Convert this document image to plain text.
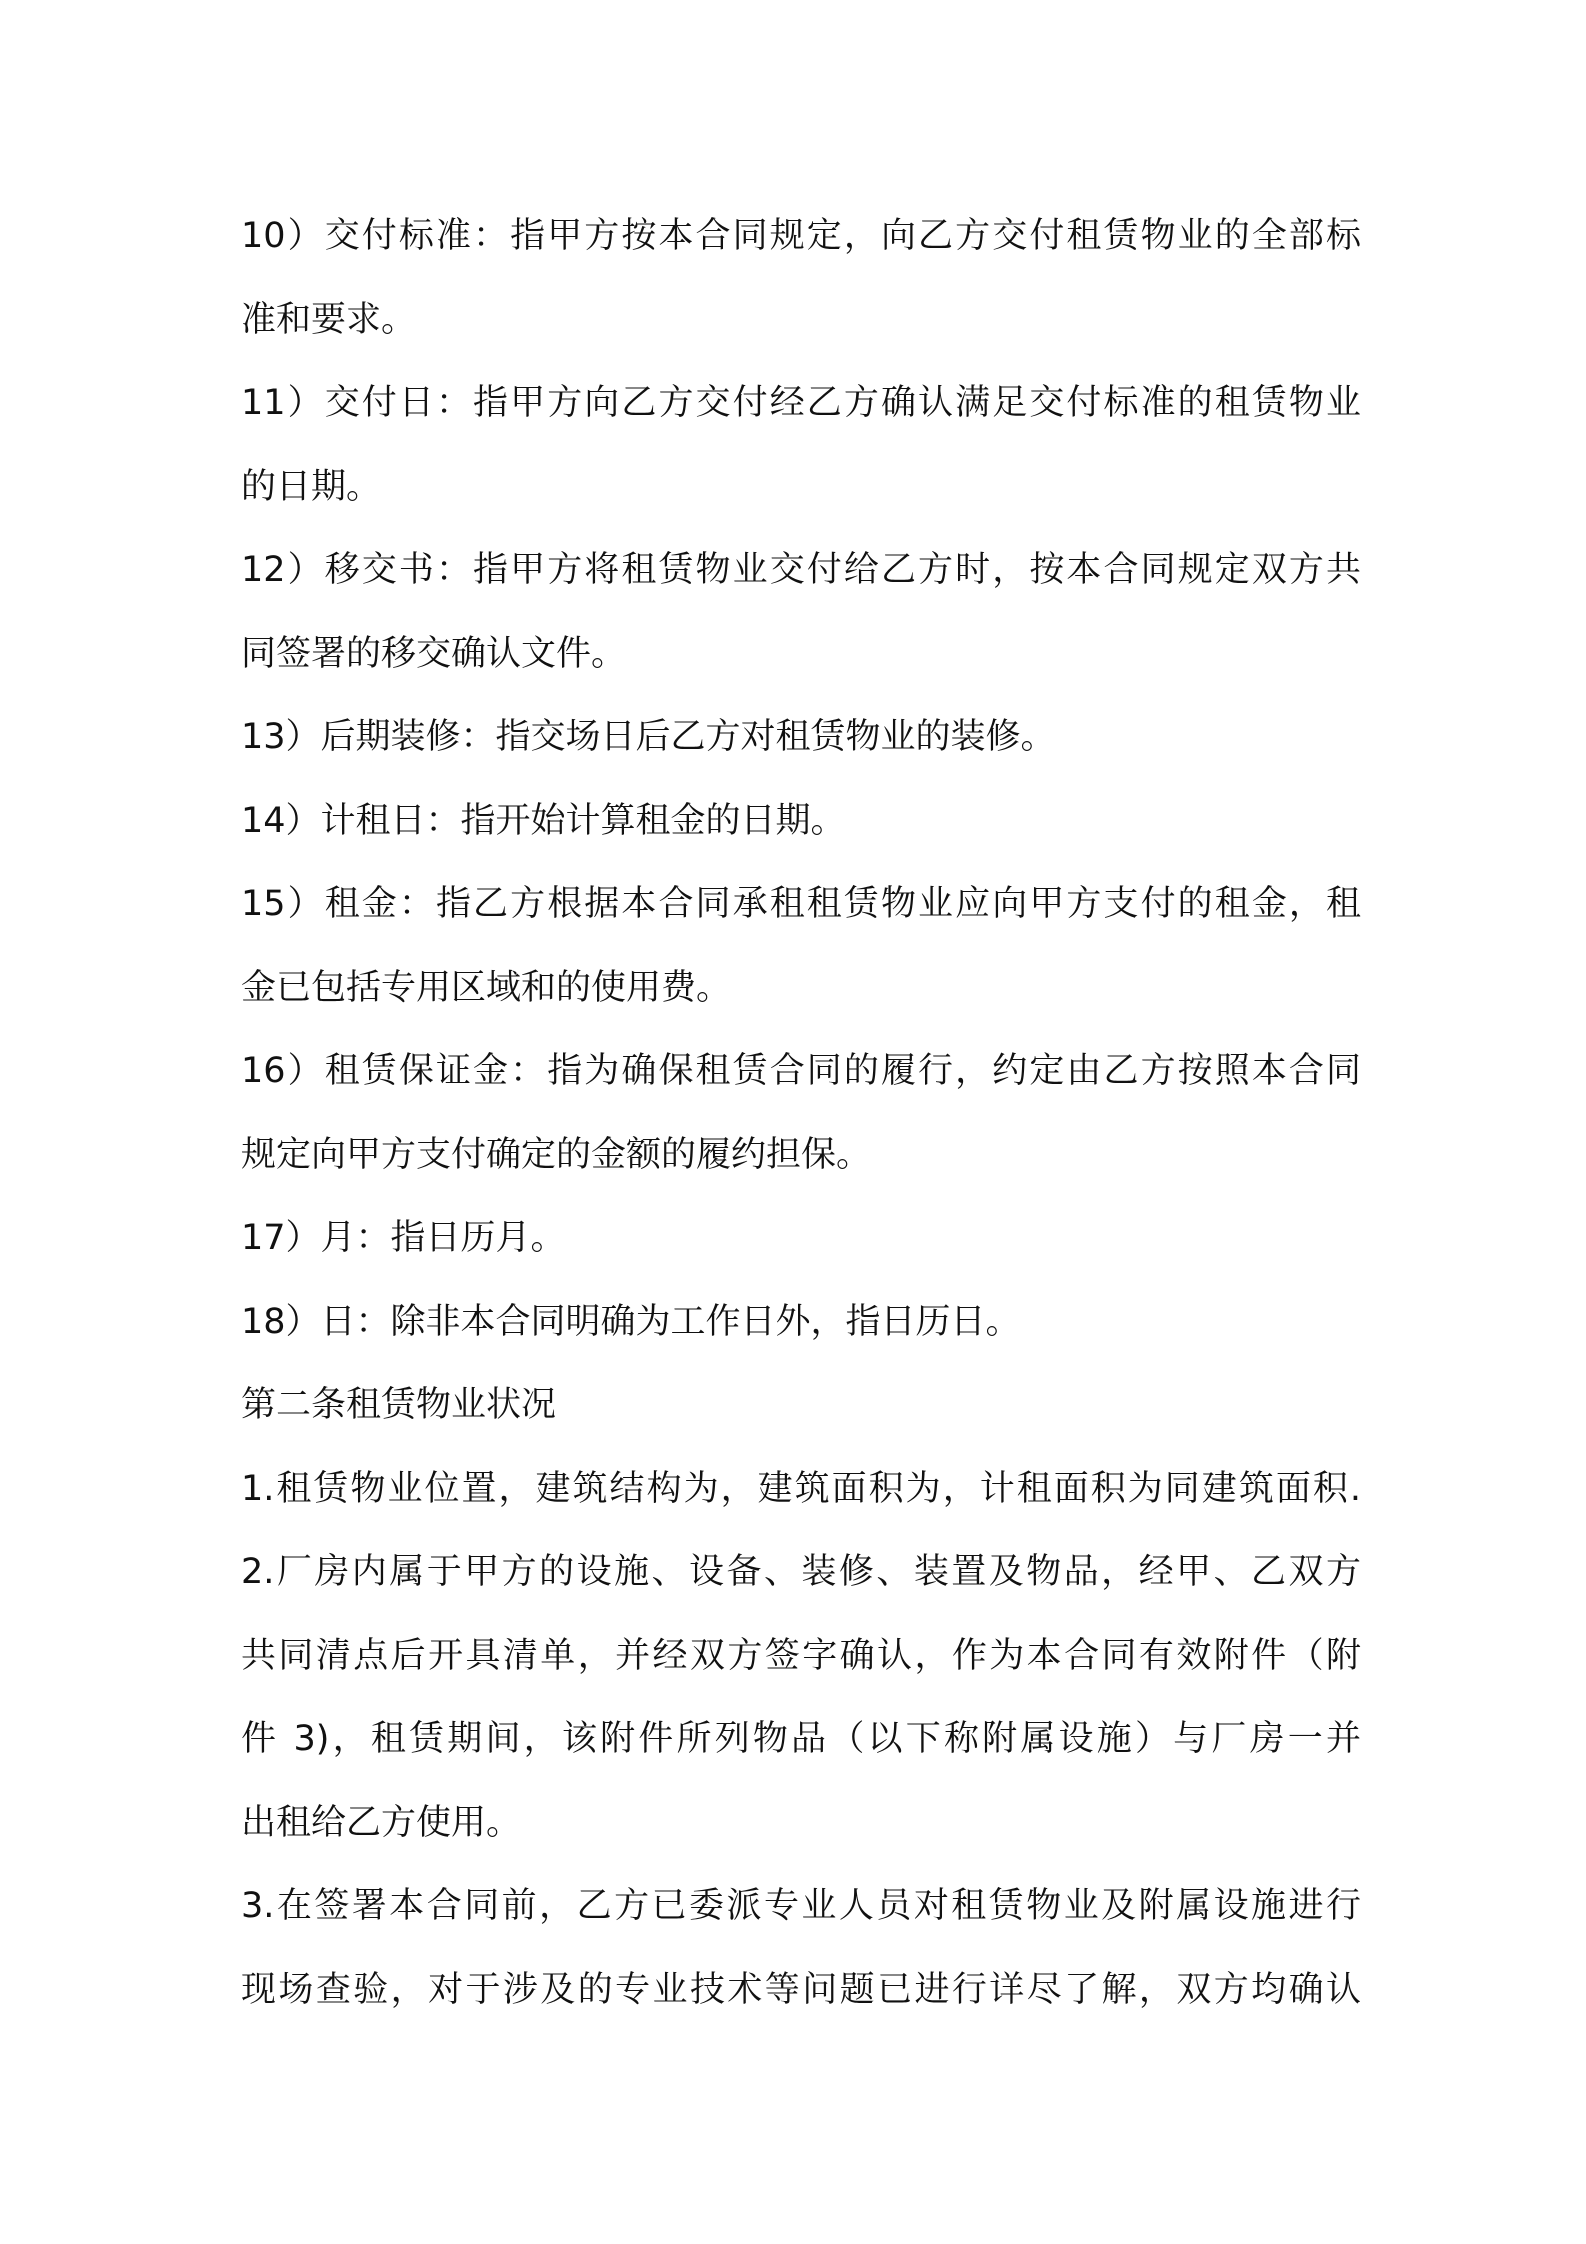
10）交付标准：指甲方按本合同规定，向乙方交付租赁物业的全部标
准和要求。
11）交付日：指甲方向乙方交付经乙方确认满足交付标准的租赁物业
的日期。
12）移交书：指甲方将租赁物业交付给乙方时，按本合同规定双方共
同签署的移交确认文件。
13）后期装修：指交场日后乙方对租赁物业的装修。
14）计租日：指开始计算租金的日期。
15）租金：指乙方根据本合同承租租赁物业应向甲方支付的租金，租
金已包括专用区域和的使用费。
16）租赁保证金：指为确保租赁合同的履行，约定由乙方按照本合同
规定向甲方支付确定的金额的履约担保。
17）月：指日历月。
18）日：除非本合同明确为工作日外，指日历日。
第二条租赁物业状况
1.租赁物业位置，建筑结构为，建筑面积为，计租面积为同建筑面积.
2.厂房内属于甲方的设施、设备、装修、装置及物品，经甲、乙双方
共同清点后开具清单，并经双方签字确认，作为本合同有效附件（附
件 3)，租赁期间，该附件所列物品（以下称附属设施）与厂房一并
出租给乙方使用。
3.在签署本合同前，乙方已委派专业人员对租赁物业及附属设施进行
现场查验，对于涉及的专业技术等问题已进行详尽了解，双方均确认
